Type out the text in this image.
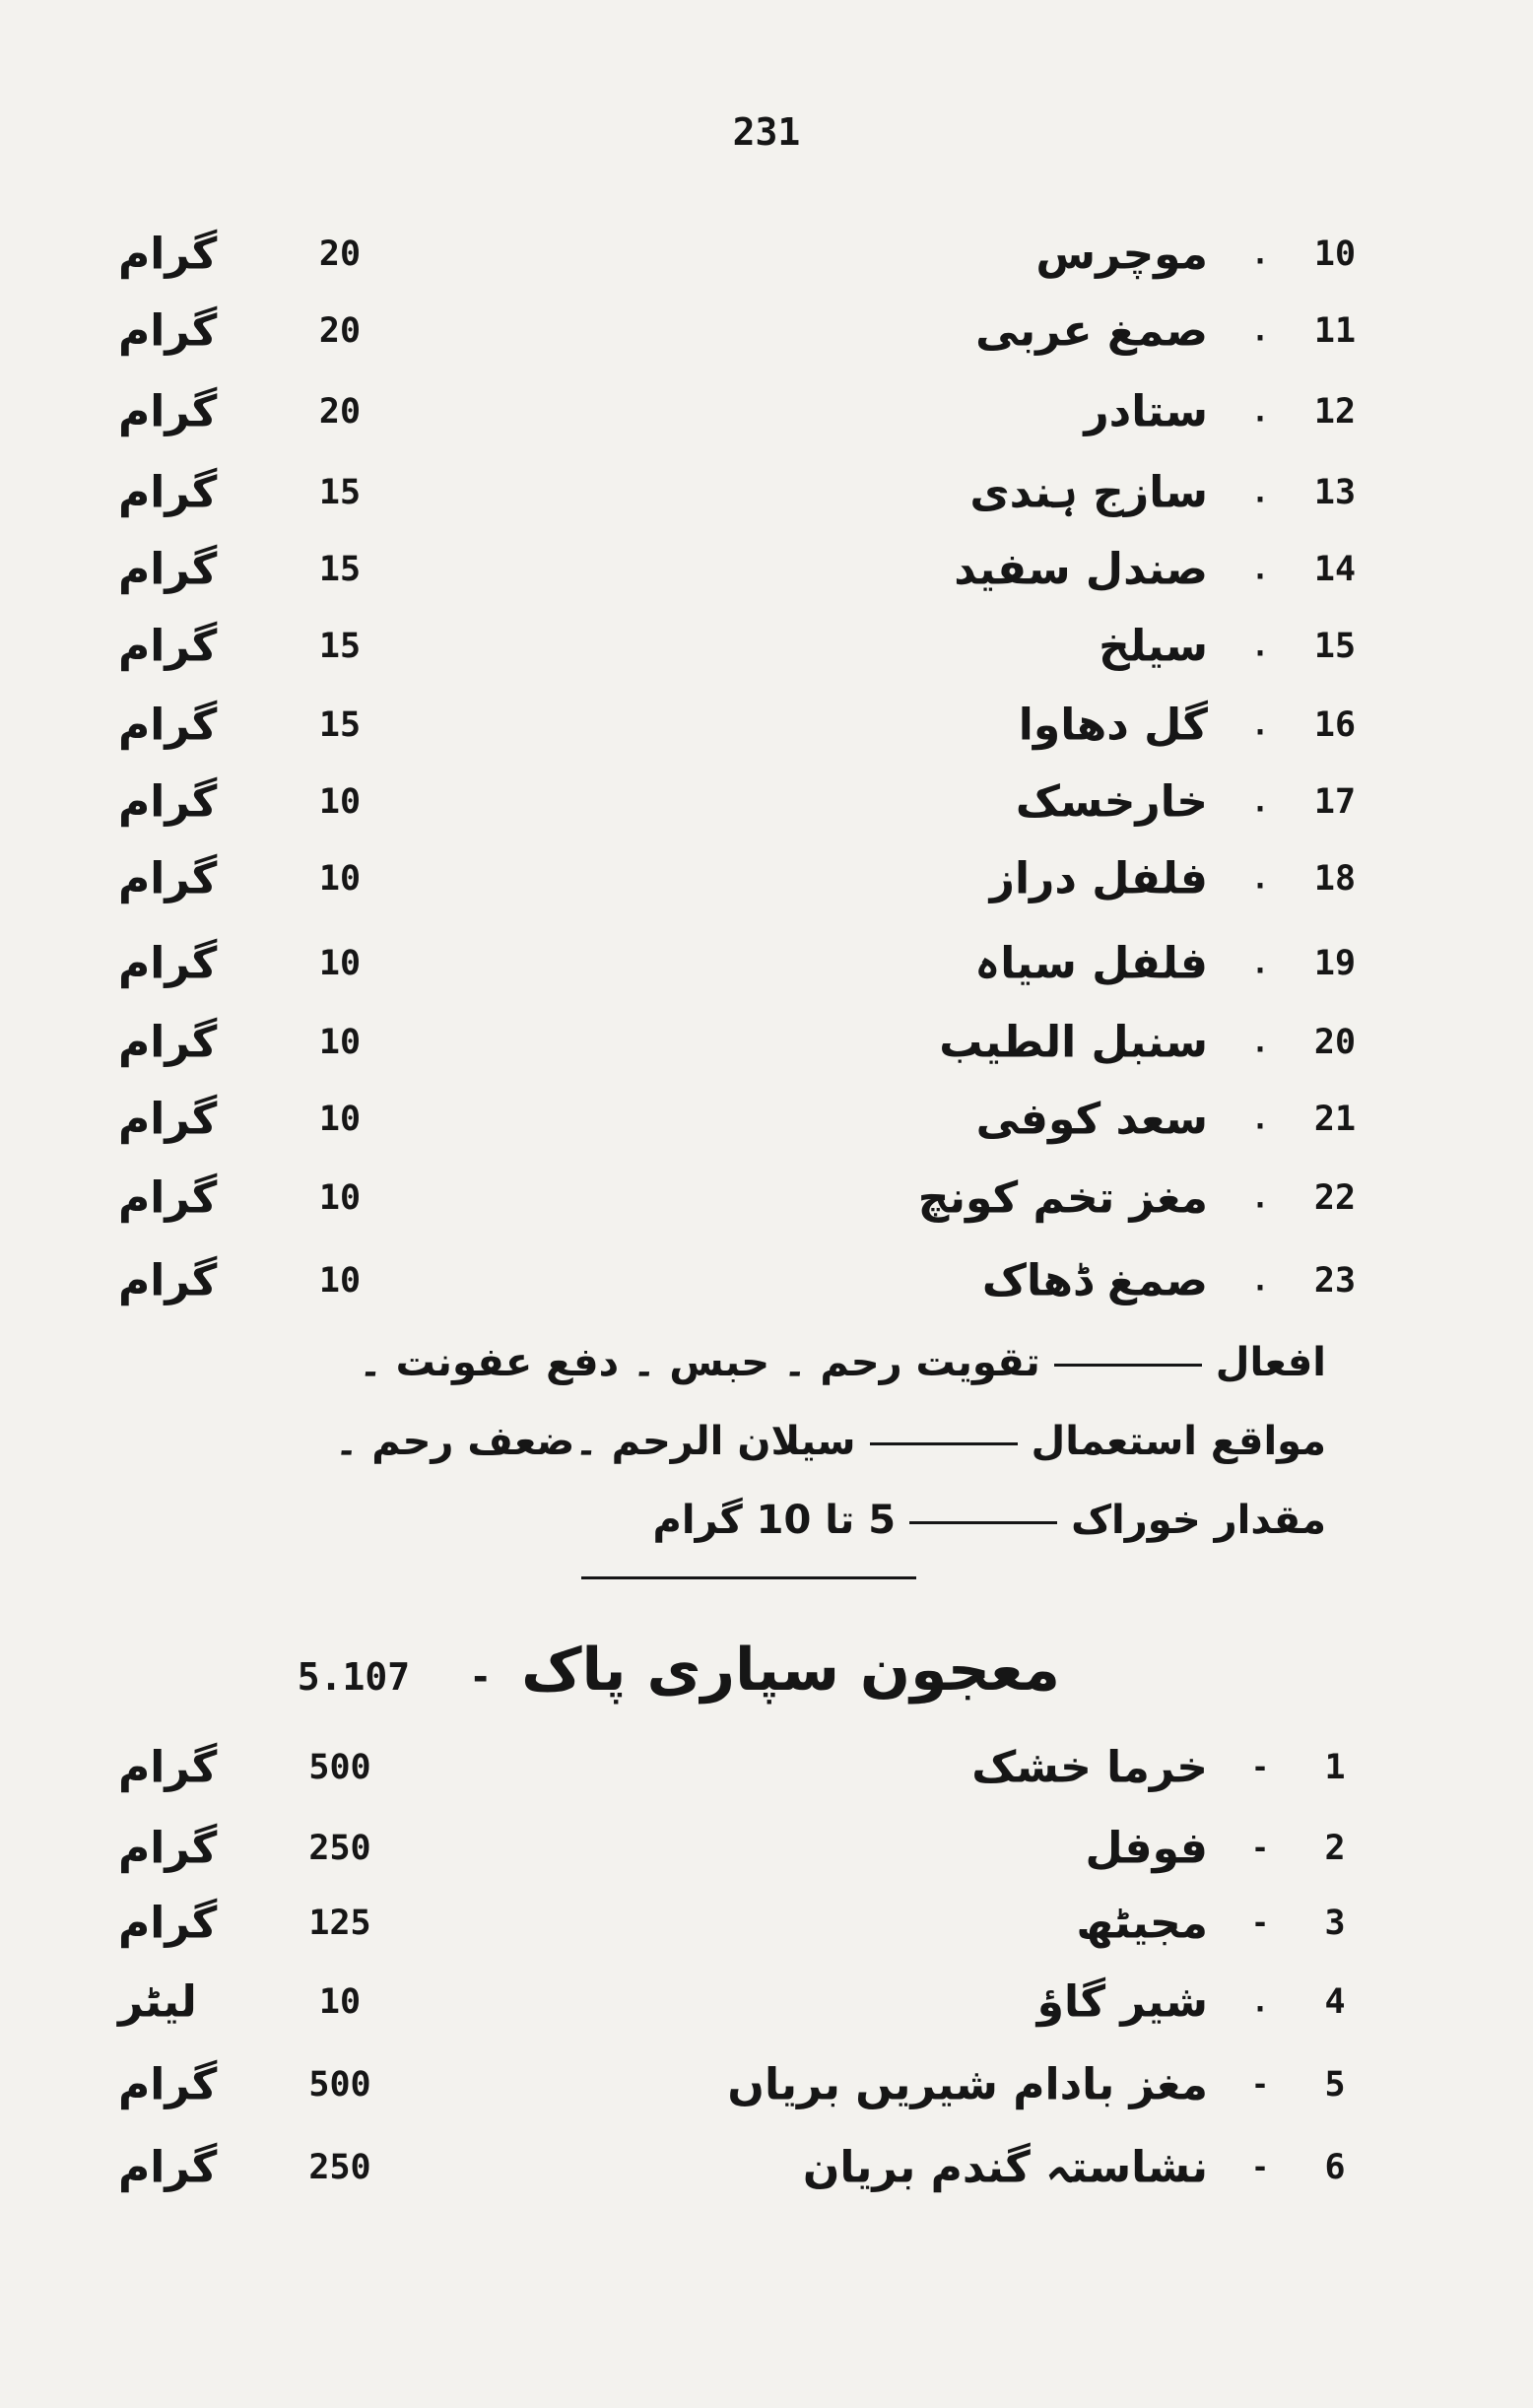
231
10
.
موچرس
20
گرام
11
.
صمغ عربی
20
گرام
12
.
ستادر
20
گرام
13
.
سازج ہندی
15
گرام
14
.
صندل سفید
15
گرام
15
.
سیلخ
15
گرام
16
.
گل دھاوا
15
گرام
17
.
خارخسک
10
گرام
18
.
فلفل دراز
10
گرام
19
.
فلفل سیاہ
10
گرام
20
.
سنبل الطیب
10
گرام
21
.
سعد کوفی
10
گرام
22
.
مغز تخم کونچ
10
گرام
23
.
صمغ ڈھاک
10
گرام
افعالتقویت رحم ۔ حبس ۔ دفع عفونت ۔
مواقع استعمالسیلان الرحم ۔ضعف رحم ۔
مقدار خوراک5 تا 10 گرام
معجون سپاری پاک-5.107
1
-
خرما خشک
500
گرام
2
-
فوفل
250
گرام
3
-
مجیٹھ
125
گرام
4
.
شیر گاؤ
10
لیٹر
5
-
مغز بادام شیریں بریاں
500
گرام
6
-
نشاستہ گندم بریان
250
گرام
